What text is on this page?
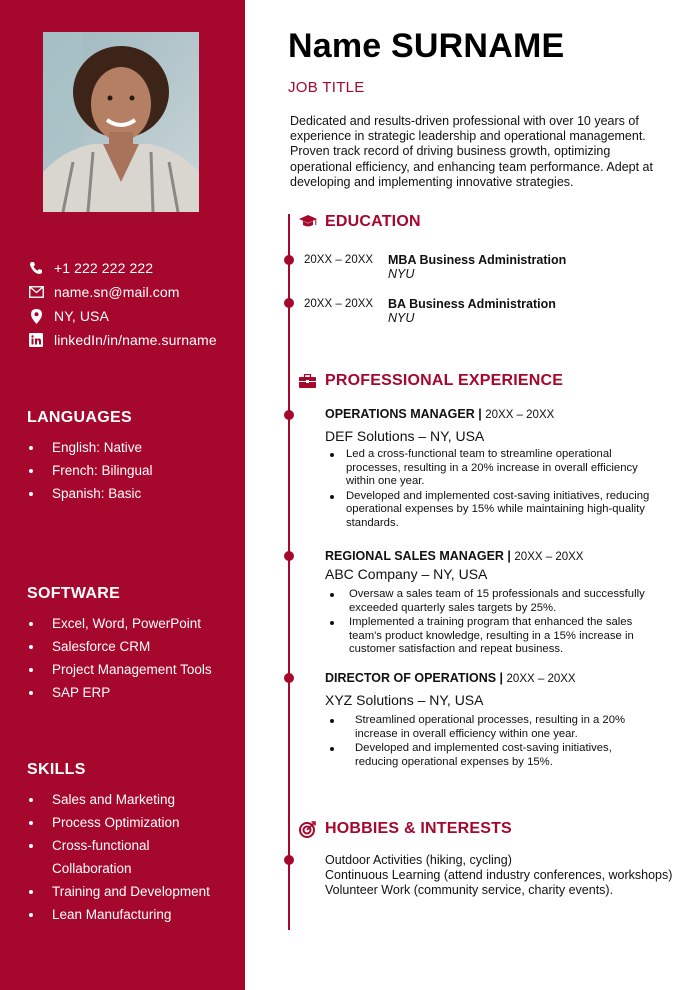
+1 222 222 222
name.sn@mail.com
NY, USA
linkedIn/in/name.surname
LANGUAGES
English: Native
French: Bilingual
Spanish: Basic
SOFTWARE
Excel, Word, PowerPoint
Salesforce CRM
Project Management Tools
SAP ERP
SKILLS
Sales and Marketing
Process Optimization
Cross-functional Collaboration
Training and Development
Lean Manufacturing
Name SURNAME
JOB TITLE
Dedicated and results-driven professional with over 10 years of experience in strategic leadership and operational management. Proven track record of driving business growth, optimizing operational efficiency, and enhancing team performance. Adept at developing and implementing innovative strategies.
EDUCATION
20XX – 20XX	MBA Business Administration
NYU
20XX – 20XX	BA Business Administration
NYU
PROFESSIONAL EXPERIENCE
OPERATIONS MANAGER | 20XX – 20XX
DEF Solutions – NY, USA
Led a cross-functional team to streamline operational processes, resulting in a 20% increase in overall efficiency within one year.
Developed and implemented cost-saving initiatives, reducing operational expenses by 15% while maintaining high-quality standards.
REGIONAL SALES MANAGER | 20XX – 20XX
ABC Company – NY, USA
Oversaw a sales team of 15 professionals and successfully exceeded quarterly sales targets by 25%.
Implemented a training program that enhanced the sales team's product knowledge, resulting in a 15% increase in customer satisfaction and repeat business.
DIRECTOR OF OPERATIONS | 20XX – 20XX
XYZ Solutions – NY, USA
Streamlined operational processes, resulting in a 20% increase in overall efficiency within one year.
Developed and implemented cost-saving initiatives, reducing operational expenses by 15%.
HOBBIES & INTERESTS
Outdoor Activities (hiking, cycling)
Continuous Learning (attend industry conferences, workshops)
Volunteer Work (community service, charity events).
